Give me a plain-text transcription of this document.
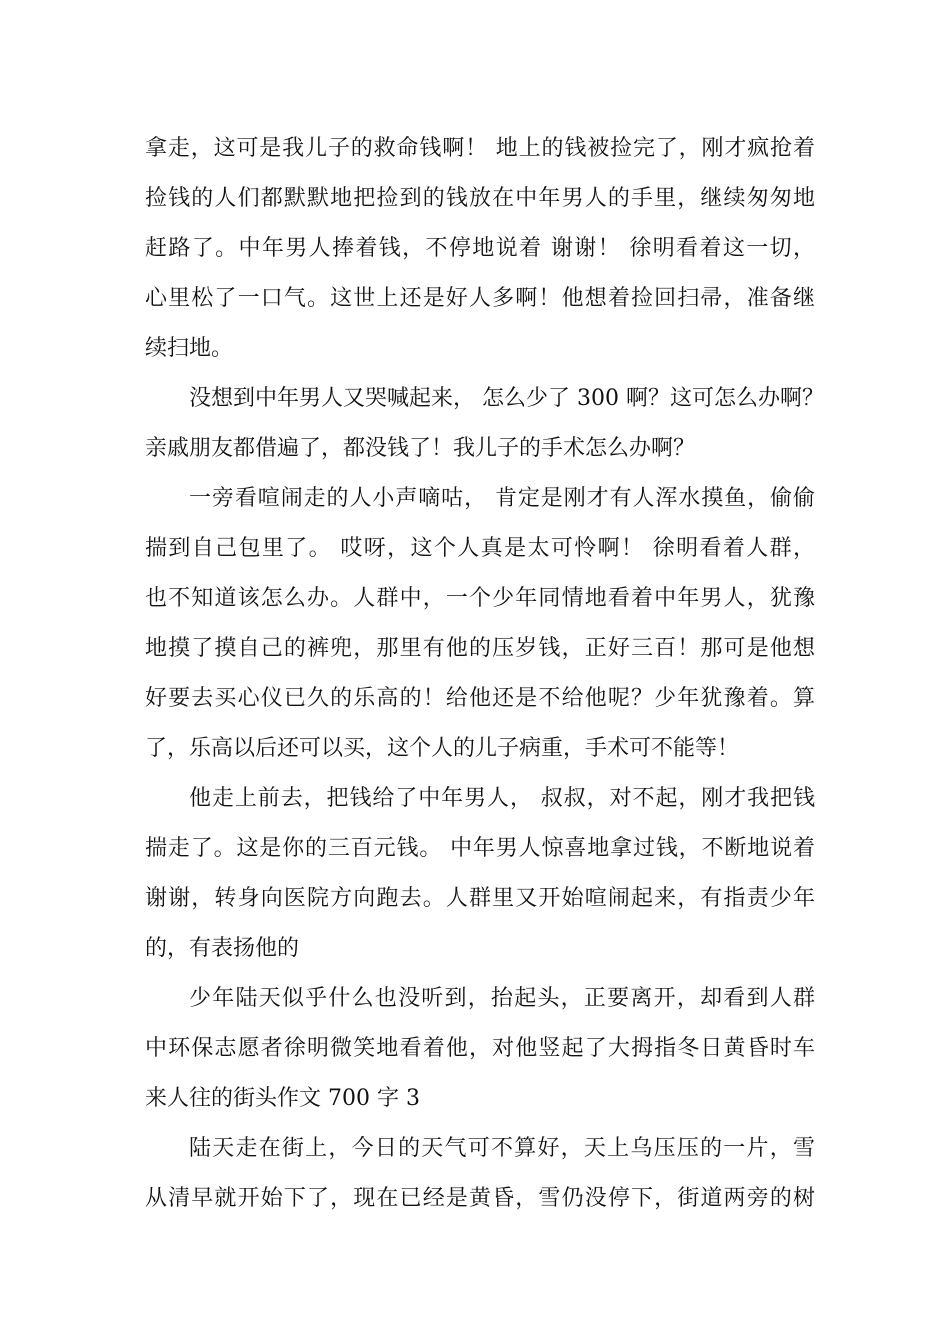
拿走，这可是我儿子的救命钱啊！ 地上的钱被捡完了，刚才疯抢着
捡钱的人们都默默地把捡到的钱放在中年男人的手里，继续匆匆地
赶路了。中年男人捧着钱，不停地说着 谢谢！ 徐明看着这一切，
心里松了一口气。这世上还是好人多啊！他想着捡回扫帚，准备继
续扫地。
没想到中年男人又哭喊起来， 怎么少了 300 啊？这可怎么办啊？
亲戚朋友都借遍了，都没钱了！我儿子的手术怎么办啊？
一旁看喧闹走的人小声嘀咕， 肯定是刚才有人浑水摸鱼，偷偷
揣到自己包里了。 哎呀，这个人真是太可怜啊！ 徐明看着人群，
也不知道该怎么办。人群中，一个少年同情地看着中年男人，犹豫
地摸了摸自己的裤兜，那里有他的压岁钱，正好三百！那可是他想
好要去买心仪已久的乐高的！给他还是不给他呢？少年犹豫着。算
了，乐高以后还可以买，这个人的儿子病重，手术可不能等！
他走上前去，把钱给了中年男人， 叔叔，对不起，刚才我把钱
揣走了。这是你的三百元钱。 中年男人惊喜地拿过钱，不断地说着
谢谢，转身向医院方向跑去。人群里又开始喧闹起来，有指责少年
的，有表扬他的
少年陆天似乎什么也没听到，抬起头，正要离开，却看到人群
中环保志愿者徐明微笑地看着他，对他竖起了大拇指冬日黄昏时车
来人往的街头作文 700 字 3
陆天走在街上，今日的天气可不算好，天上乌压压的一片，雪
从清早就开始下了，现在已经是黄昏，雪仍没停下，街道两旁的树
